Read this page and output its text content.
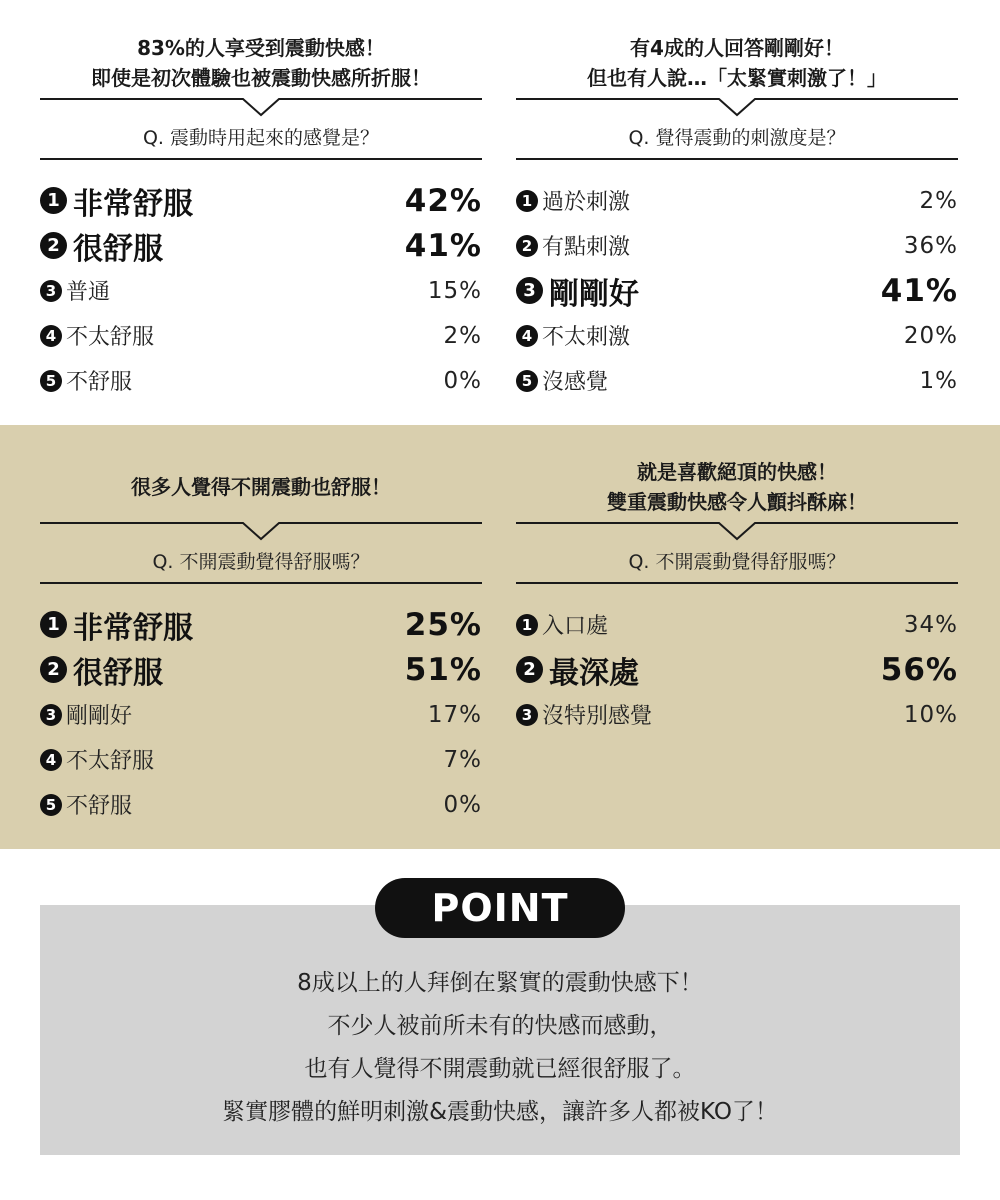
83%的人享受到震動快感！
即使是初次體驗也被震動快感所折服！
Q. 震動時用起來的感覺是？
1 非常舒服	42%
2 很舒服	41%
3 普通	15%
4 不太舒服	2%
5 不舒服	0%
有4成的人回答剛剛好！
但也有人說…「太緊實刺激了！」
Q. 覺得震動的刺激度是？
1 過於刺激	2%
2 有點刺激	36%
3 剛剛好	41%
4 不太刺激	20%
5 沒感覺	1%
很多人覺得不開震動也舒服！
Q. 不開震動覺得舒服嗎？
1 非常舒服	25%
2 很舒服	51%
3 剛剛好	17%
4 不太舒服	7%
5 不舒服	0%
就是喜歡絕頂的快感！
雙重震動快感令人顫抖酥麻！
Q. 不開震動覺得舒服嗎？
1 入口處	34%
2 最深處	56%
3 沒特別感覺	10%
POINT
8成以上的人拜倒在緊實的震動快感下！
不少人被前所未有的快感而感動，
也有人覺得不開震動就已經很舒服了。
緊實膠體的鮮明刺激&震動快感，讓許多人都被KO了！
